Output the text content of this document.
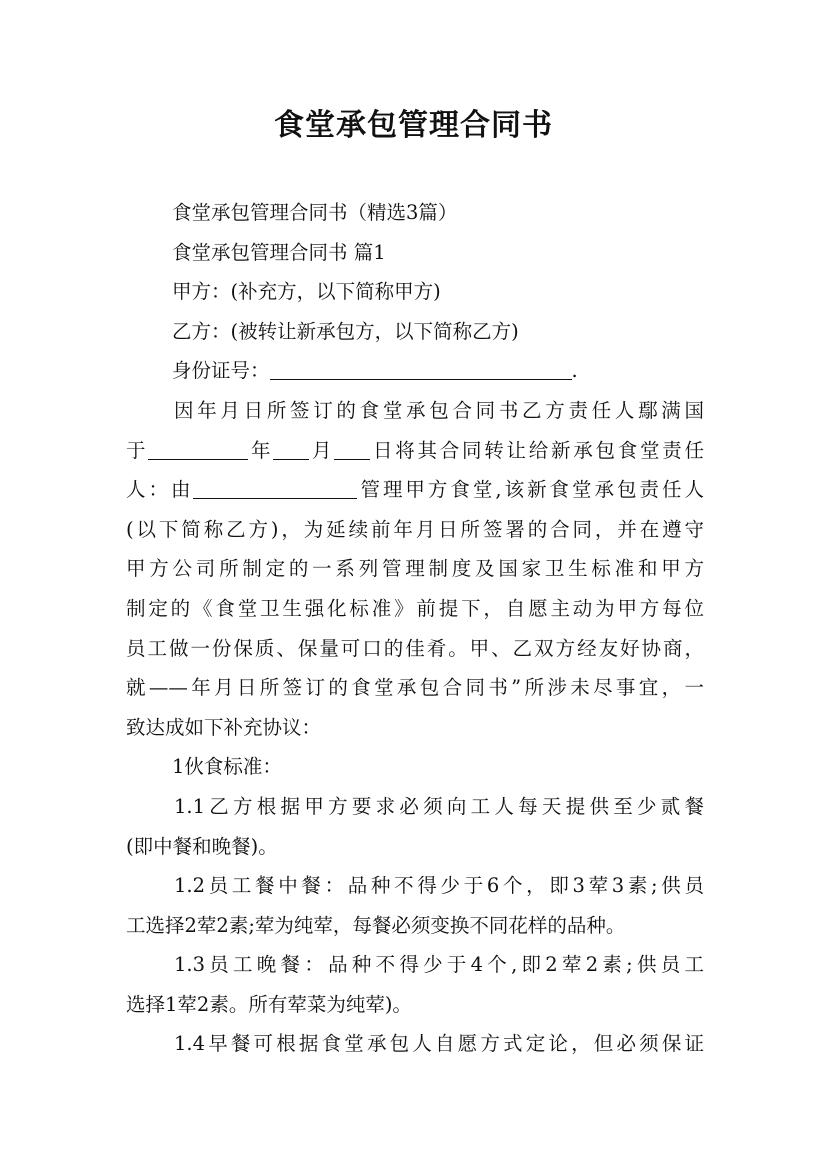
食堂承包管理合同书

食堂承包管理合同书（精选3篇）

食堂承包管理合同书 篇1

甲方：(补充方，以下简称甲方)

乙方：(被转让新承包方，以下简称乙方)

身份证号：	.

因年月日所签订的食堂承包合同书乙方责任人鄢满国

于	年 月 日将其合同转让给新承包食堂责任

人：由	管理甲方食堂,该新食堂承包责任人

(以下简称乙方)，为延续前年月日所签署的合同，并在遵守

甲方公司所制定的一系列管理制度及国家卫生标准和甲方

制定的《食堂卫生强化标准》前提下，自愿主动为甲方每位

员工做一份保质、保量可口的佳肴。甲、乙双方经友好协商，

就——年月日所签订的食堂承包合同书”所涉未尽事宜，一

致达成如下补充协议：

1伙食标准：

1.1乙方根据甲方要求必须向工人每天提供至少贰餐

(即中餐和晚餐)。

1.2员工餐中餐：品种不得少于6个，即3荤3素;供员

工选择2荤2素;荤为纯荤，每餐必须变换不同花样的品种。

1.3员工晚餐：品种不得少于4个,即2荤2素;供员工

选择1荤2素。所有荤菜为纯荤)。

1.4早餐可根据食堂承包人自愿方式定论，但必须保证
